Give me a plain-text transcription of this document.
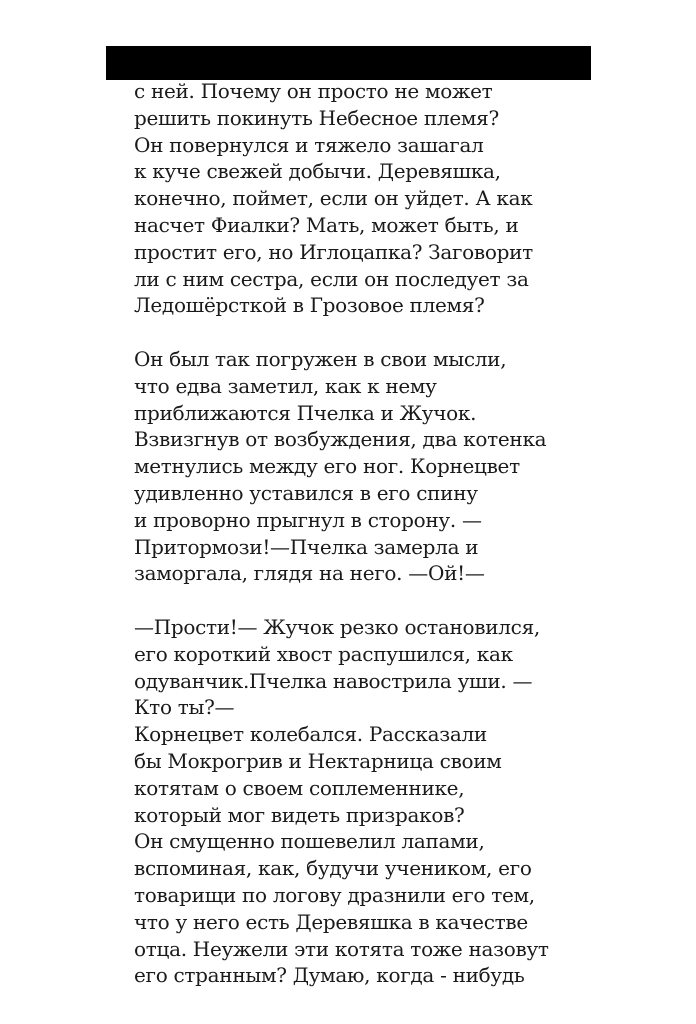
с ней. Почему он просто не может
решить покинуть Небесное племя?
Он повернулся и тяжело зашагал
к куче свежей добычи. Деревяшка,
конечно, поймет, если он уйдет. А как
насчет Фиалки? Мать, может быть, и
простит его, но Иглоцапка? Заговорит
ли с ним сестра, если он последует за
Ледошёрсткой в Грозовое племя?
Он был так погружен в свои мысли,
что едва заметил, как к нему
приближаются Пчелка и Жучок.
Взвизгнув от возбуждения, два котенка
метнулись между его ног. Корнецвет
удивленно уставился в его спину
и проворно прыгнул в сторону. —
Притормози!—Пчелка замерла и
заморгала, глядя на него. —Ой!—
—Прости!— Жучок резко остановился,
его короткий хвост распушился, как
одуванчик.Пчелка навострила уши. —
Кто ты?—
Корнецвет колебался. Рассказали
бы Мокрогрив и Нектарница своим
котятам о своем соплеменнике,
который мог видеть призраков?
Он смущенно пошевелил лапами,
вспоминая, как, будучи учеником, его
товарищи по логову дразнили его тем,
что у него есть Деревяшка в качестве
отца. Неужели эти котята тоже назовут
его странным? Думаю, когда - нибудь
